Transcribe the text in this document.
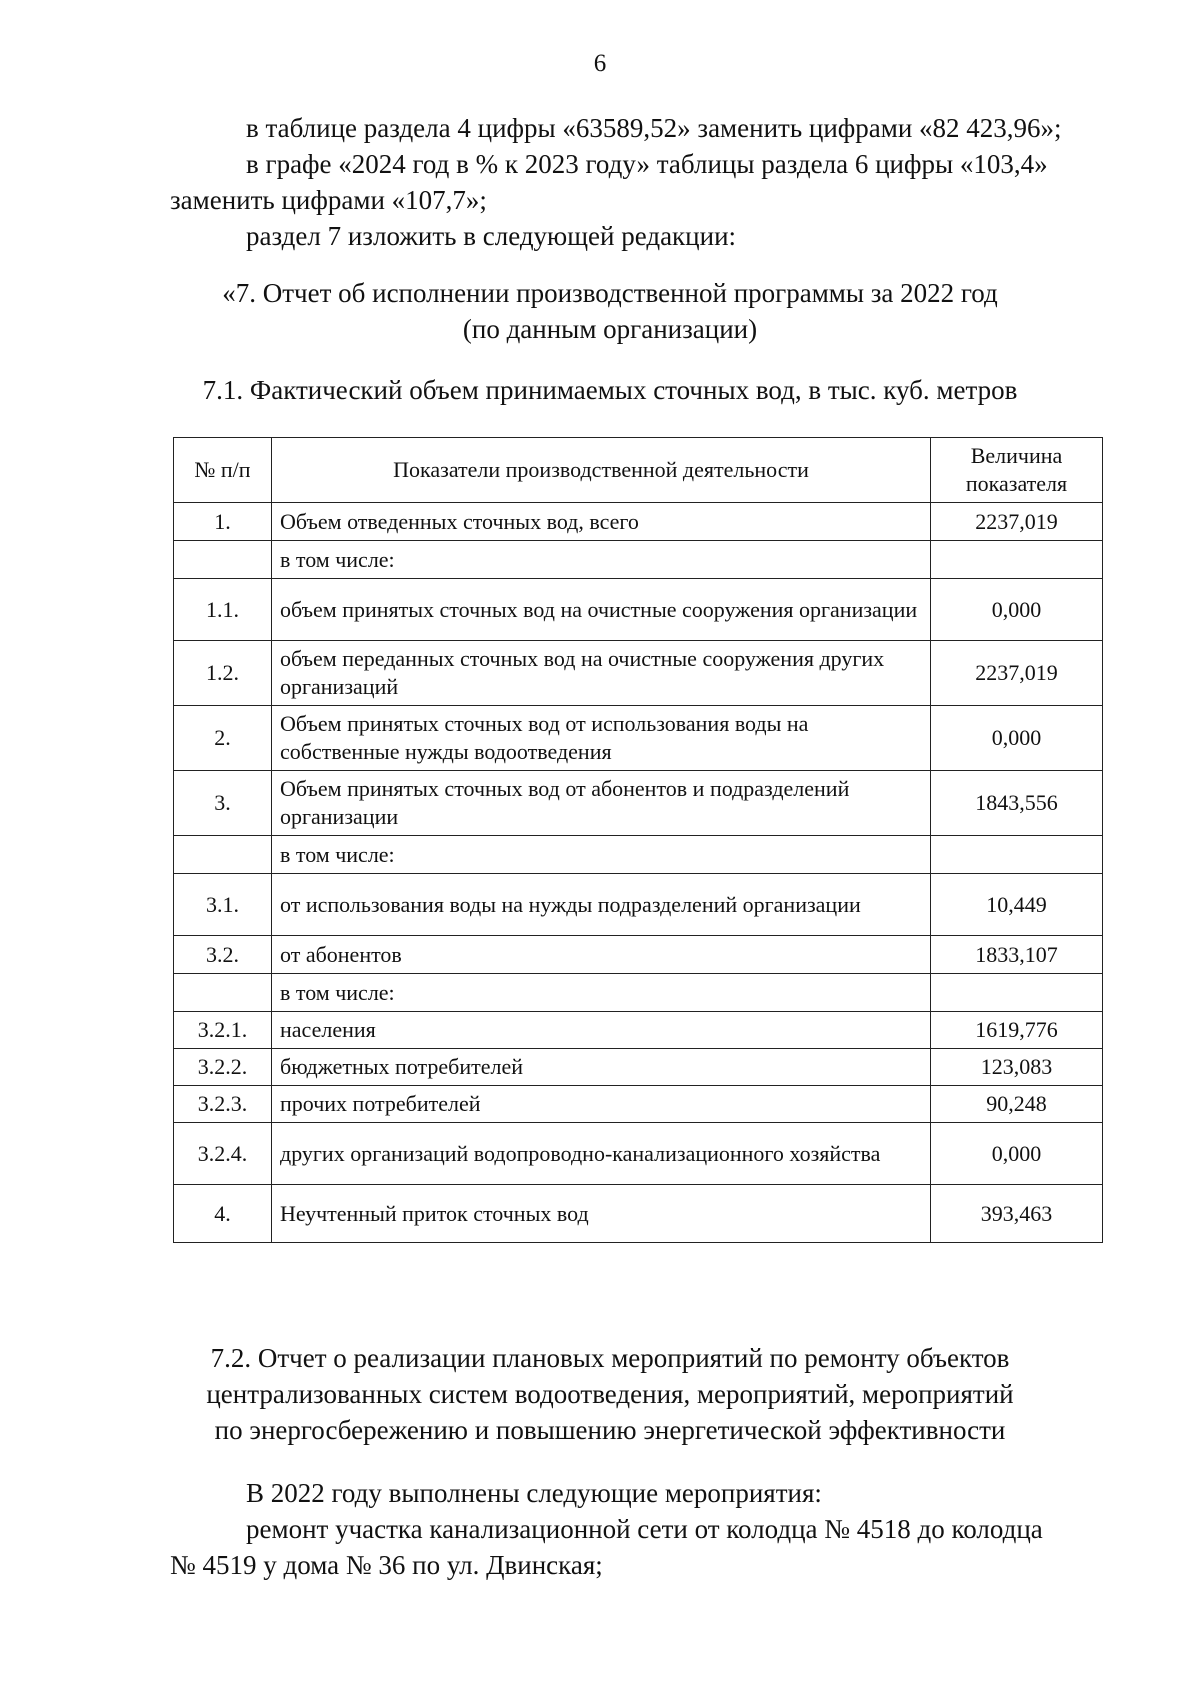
6

в таблице раздела 4 цифры «63589,52» заменить цифрами «82 423,96»;

в графе «2024 год в % к 2023 году» таблицы раздела 6 цифры «103,4»

заменить цифрами «107,7»;

раздел 7 изложить в следующей редакции:

«7. Отчет об исполнении производственной программы за 2022 год
(по данным организации)
7.1. Фактический объем принимаемых сточных вод, в тыс. куб. метров
№ п/п	Показатели производственной деятельности	Величина показателя
1.	Объем отведенных сточных вод, всего	2237,019
	в том числе:	
1.1.	объем принятых сточных вод на очистные сооружения организации	0,000
1.2.	объем переданных сточных вод на очистные сооружения других организаций	2237,019
2.	Объем принятых сточных вод от использования воды на собственные нужды водоотведения	0,000
3.	Объем принятых сточных вод от абонентов и подразделений организации	1843,556
	в том числе:	
3.1.	от использования воды на нужды подразделений организации	10,449
3.2.	от абонентов	1833,107
	в том числе:	
3.2.1.	населения	1619,776
3.2.2.	бюджетных потребителей	123,083
3.2.3.	прочих потребителей	90,248
3.2.4.	других организаций водопроводно-канализационного хозяйства	0,000
4.	Неучтенный приток сточных вод	393,463
7.2. Отчет о реализации плановых мероприятий по ремонту объектов
централизованных систем водоотведения, мероприятий, мероприятий
по энергосбережению и повышению энергетической эффективности

В 2022 году выполнены следующие мероприятия:

ремонт участка канализационной сети от колодца № 4518 до колодца

№ 4519 у дома № 36 по ул. Двинская;
